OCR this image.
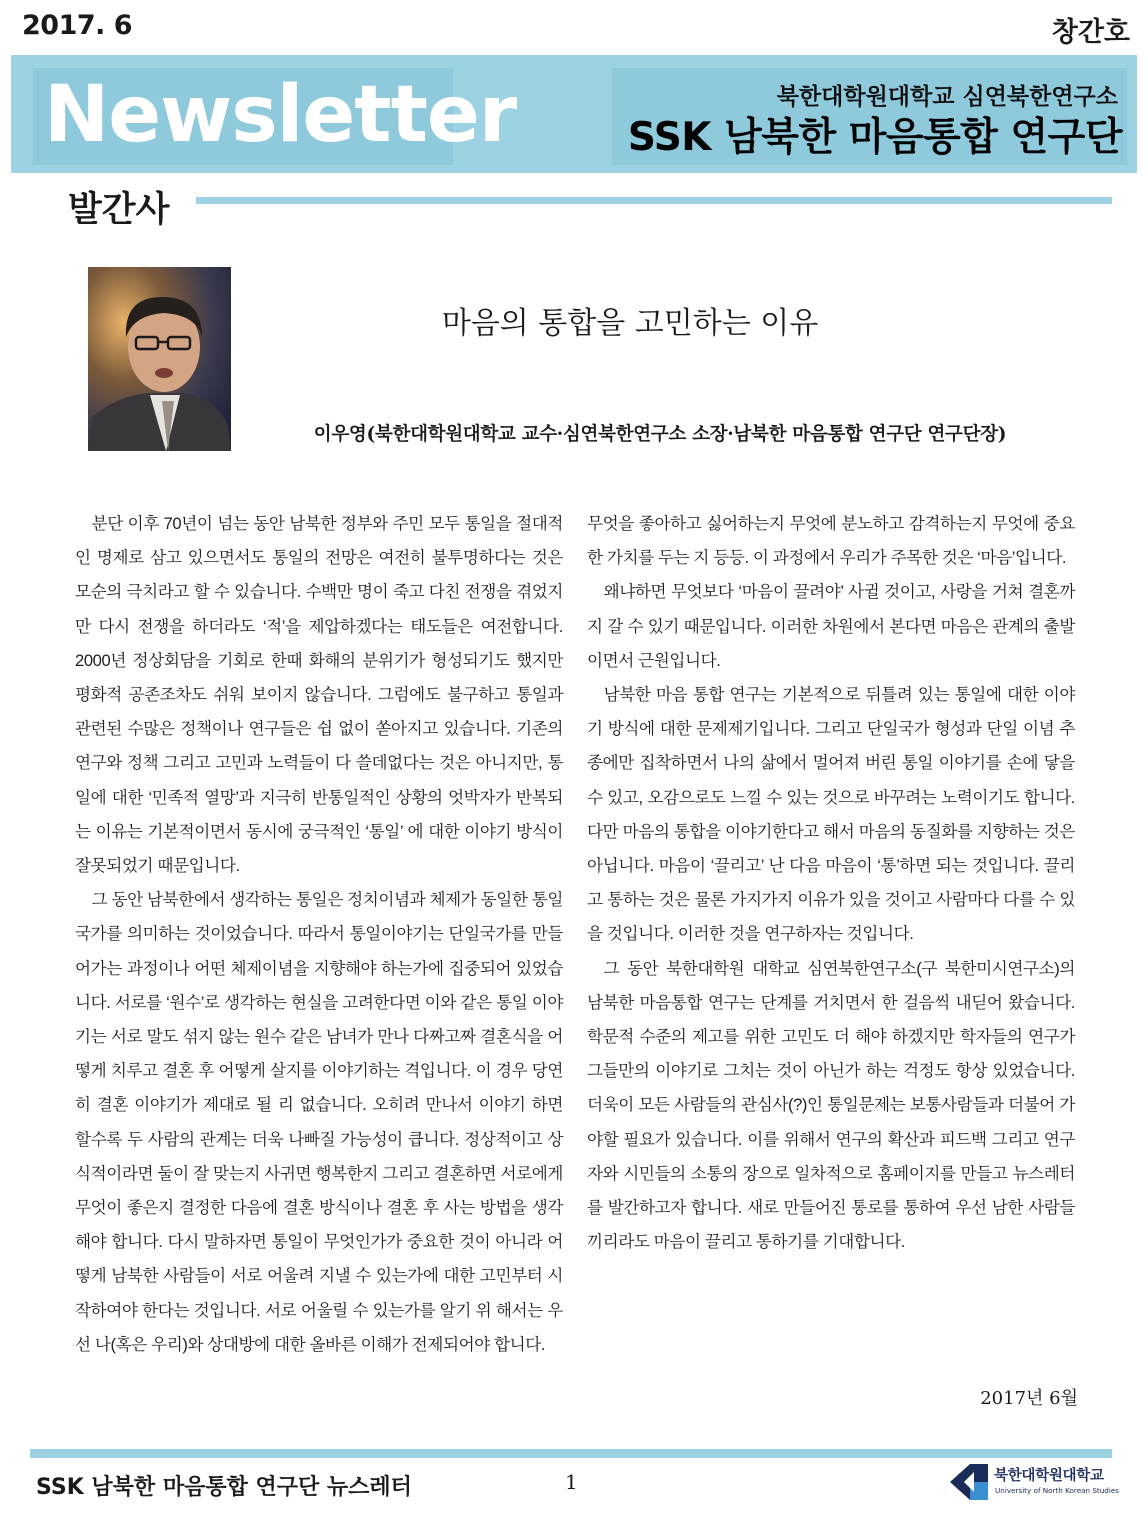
2017. 6	창간호
Newsletter	북한대학원대학교 심연북한연구소
SSK 남북한 마음통합 연구단
발간사
마음의 통합을 고민하는 이유
이우영(북한대학원대학교 교수·심연북한연구소 소장·남북한 마음통합 연구단 연구단장)

분단 이후 70년이 넘는 동안 남북한 정부와 주민 모두 통일을 절대적인 명제로 삼고 있으면서도 통일의 전망은 여전히 불투명하다는 것은 모순의 극치라고 할 수 있습니다. 수백만 명이 죽고 다친 전쟁을 겪었지만 다시 전쟁을 하더라도 ‘적’을 제압하겠다는 태도들은 여전합니다. 2000년 정상회담을 기회로 한때 화해의 분위기가 형성되기도 했지만 평화적 공존조차도 쉬워 보이지 않습니다. 그럼에도 불구하고 통일과 관련된 수많은 정책이나 연구들은 쉽 없이 쏟아지고 있습니다. 기존의 연구와 정책 그리고 고민과 노력들이 다 쓸데없다는 것은 아니지만, 통일에 대한 ‘민족적 열망’과 지극히 반통일적인 상황의 엇박자가 반복되는 이유는 기본적이면서 동시에 궁극적인 ‘통일’ 에 대한 이야기 방식이 잘못되었기 때문입니다.

그 동안 남북한에서 생각하는 통일은 정치이념과 체제가 동일한 통일국가를 의미하는 것이었습니다. 따라서 통일이야기는 단일국가를 만들어가는 과정이나 어떤 체제이념을 지향해야 하는가에 집중되어 있었습니다. 서로를 ‘원수’로 생각하는 현실을 고려한다면 이와 같은 통일 이야기는 서로 말도 섞지 않는 원수 같은 남녀가 만나 다짜고짜 결혼식을 어떻게 치루고 결혼 후 어떻게 살지를 이야기하는 격입니다. 이 경우 당연히 결혼 이야기가 제대로 될 리 없습니다. 오히려 만나서 이야기 하면 할수록 두 사람의 관계는 더욱 나빠질 가능성이 큽니다. 정상적이고 상식적이라면 둘이 잘 맞는지 사귀면 행복한지 그리고 결혼하면 서로에게 무엇이 좋은지 결정한 다음에 결혼 방식이나 결혼 후 사는 방법을 생각해야 합니다. 다시 말하자면 통일이 무엇인가가 중요한 것이 아니라 어떻게 남북한 사람들이 서로 어울려 지낼 수 있는가에 대한 고민부터 시작하여야 한다는 것입니다. 서로 어울릴 수 있는가를 알기 위 해서는 우선 나(혹은 우리)와 상대방에 대한 올바른 이해가 전제되어야 합니다.

무엇을 좋아하고 싫어하는지 무엇에 분노하고 감격하는지 무엇에 중요한 가치를 두는 지 등등. 이 과정에서 우리가 주목한 것은 ‘마음’입니다.

왜냐하면 무엇보다 ‘마음이 끌려야’ 사귈 것이고, 사랑을 거쳐 결혼까지 갈 수 있기 때문입니다. 이러한 차원에서 본다면 마음은 관계의 출발이면서 근원입니다.

남북한 마음 통합 연구는 기본적으로 뒤틀려 있는 통일에 대한 이야기 방식에 대한 문제제기입니다. 그리고 단일국가 형성과 단일 이념 추종에만 집착하면서 나의 삶에서 멀어져 버린 통일 이야기를 손에 닿을 수 있고, 오감으로도 느낄 수 있는 것으로 바꾸려는 노력이기도 합니다. 다만 마음의 통합을 이야기한다고 해서 마음의 동질화를 지향하는 것은 아닙니다. 마음이 ‘끌리고’ 난 다음 마음이 ‘통’하면 되는 것입니다. 끌리고 통하는 것은 물론 가지가지 이유가 있을 것이고 사람마다 다를 수 있을 것입니다. 이러한 것을 연구하자는 것입니다.

그 동안 북한대학원 대학교 심연북한연구소(구 북한미시연구소)의 남북한 마음통합 연구는 단계를 거치면서 한 걸음씩 내딛어 왔습니다. 학문적 수준의 제고를 위한 고민도 더 해야 하겠지만 학자들의 연구가 그들만의 이야기로 그치는 것이 아닌가 하는 걱정도 항상 있었습니다. 더욱이 모든 사람들의 관심사(?)인 통일문제는 보통사람들과 더불어 가야할 필요가 있습니다. 이를 위해서 연구의 확산과 피드백 그리고 연구자와 시민들의 소통의 장으로 일차적으로 홈페이지를 만들고 뉴스레터를 발간하고자 합니다. 새로 만들어진 통로를 통하여 우선 남한 사람들끼리라도 마음이 끌리고 통하기를 기대합니다.

2017년 6월
SSK 남북한 마음통합 연구단 뉴스레터	1	북한대학원대학교
University of North Korean Studies
